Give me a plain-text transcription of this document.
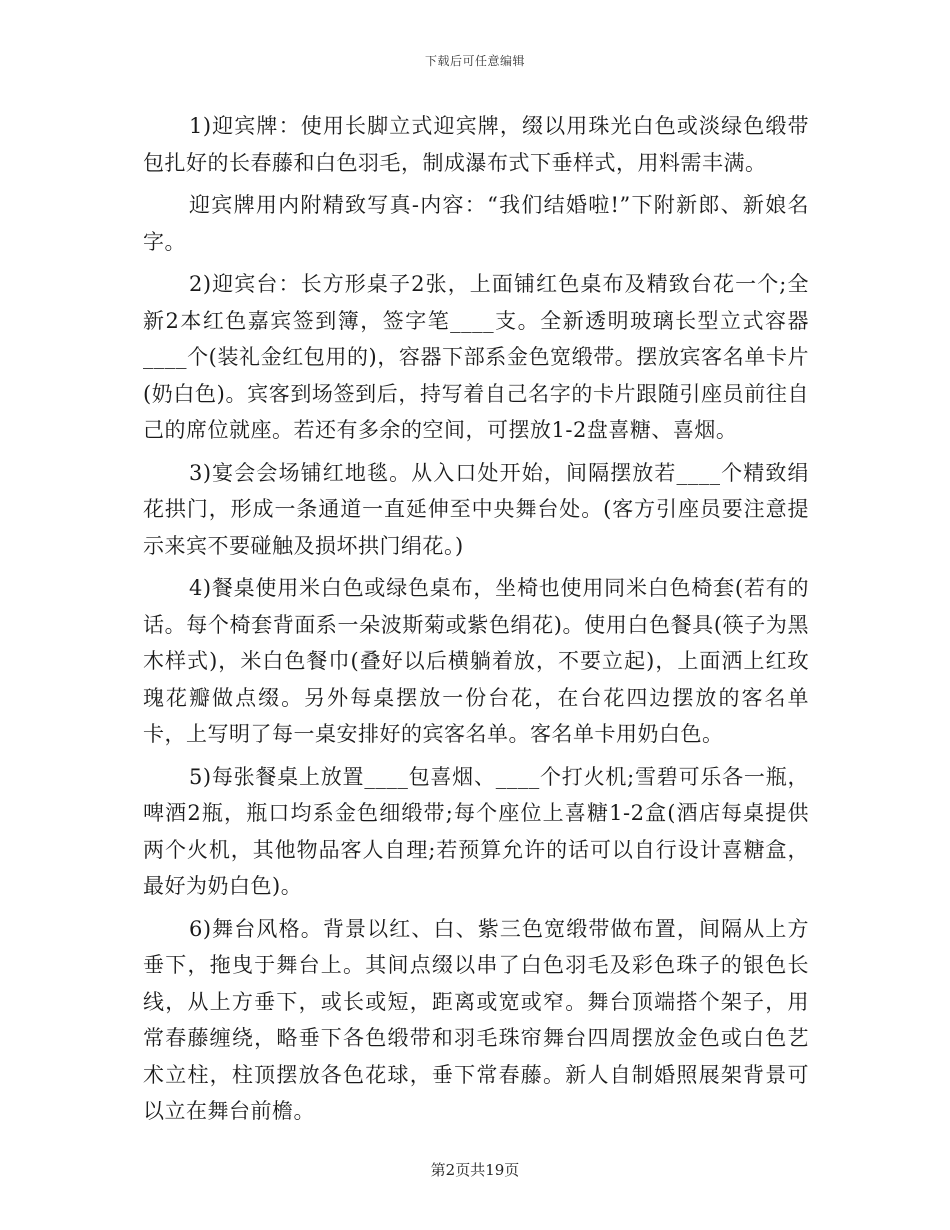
下载后可任意编辑

1)迎宾牌：使用长脚立式迎宾牌，缀以用珠光白色或淡绿色缎带包扎好的长春藤和白色羽毛，制成瀑布式下垂样式，用料需丰满。

迎宾牌用内附精致写真-内容：“我们结婚啦!”下附新郎、新娘名字。

2)迎宾台：长方形桌子2张，上面铺红色桌布及精致台花一个;全新2本红色嘉宾签到簿，签字笔____支。全新透明玻璃长型立式容器____个(装礼金红包用的)，容器下部系金色宽缎带。摆放宾客名单卡片(奶白色)。宾客到场签到后，持写着自己名字的卡片跟随引座员前往自己的席位就座。若还有多余的空间，可摆放1-2盘喜糖、喜烟。

3)宴会会场铺红地毯。从入口处开始，间隔摆放若____个精致绢花拱门，形成一条通道一直延伸至中央舞台处。(客方引座员要注意提示来宾不要碰触及损坏拱门绢花。)

4)餐桌使用米白色或绿色桌布，坐椅也使用同米白色椅套(若有的话。每个椅套背面系一朵波斯菊或紫色绢花)。使用白色餐具(筷子为黑木样式)，米白色餐巾(叠好以后横躺着放，不要立起)，上面洒上红玫瑰花瓣做点缀。另外每桌摆放一份台花，在台花四边摆放的客名单卡，上写明了每一桌安排好的宾客名单。客名单卡用奶白色。

5)每张餐桌上放置____包喜烟、____个打火机;雪碧可乐各一瓶，啤酒2瓶，瓶口均系金色细缎带;每个座位上喜糖1-2盒(酒店每桌提供两个火机，其他物品客人自理;若预算允许的话可以自行设计喜糖盒，最好为奶白色)。

6)舞台风格。背景以红、白、紫三色宽缎带做布置，间隔从上方垂下，拖曳于舞台上。其间点缀以串了白色羽毛及彩色珠子的银色长线，从上方垂下，或长或短，距离或宽或窄。舞台顶端搭个架子，用常春藤缠绕，略垂下各色缎带和羽毛珠帘舞台四周摆放金色或白色艺术立柱，柱顶摆放各色花球，垂下常春藤。新人自制婚照展架背景可以立在舞台前檐。

第2页共19页
